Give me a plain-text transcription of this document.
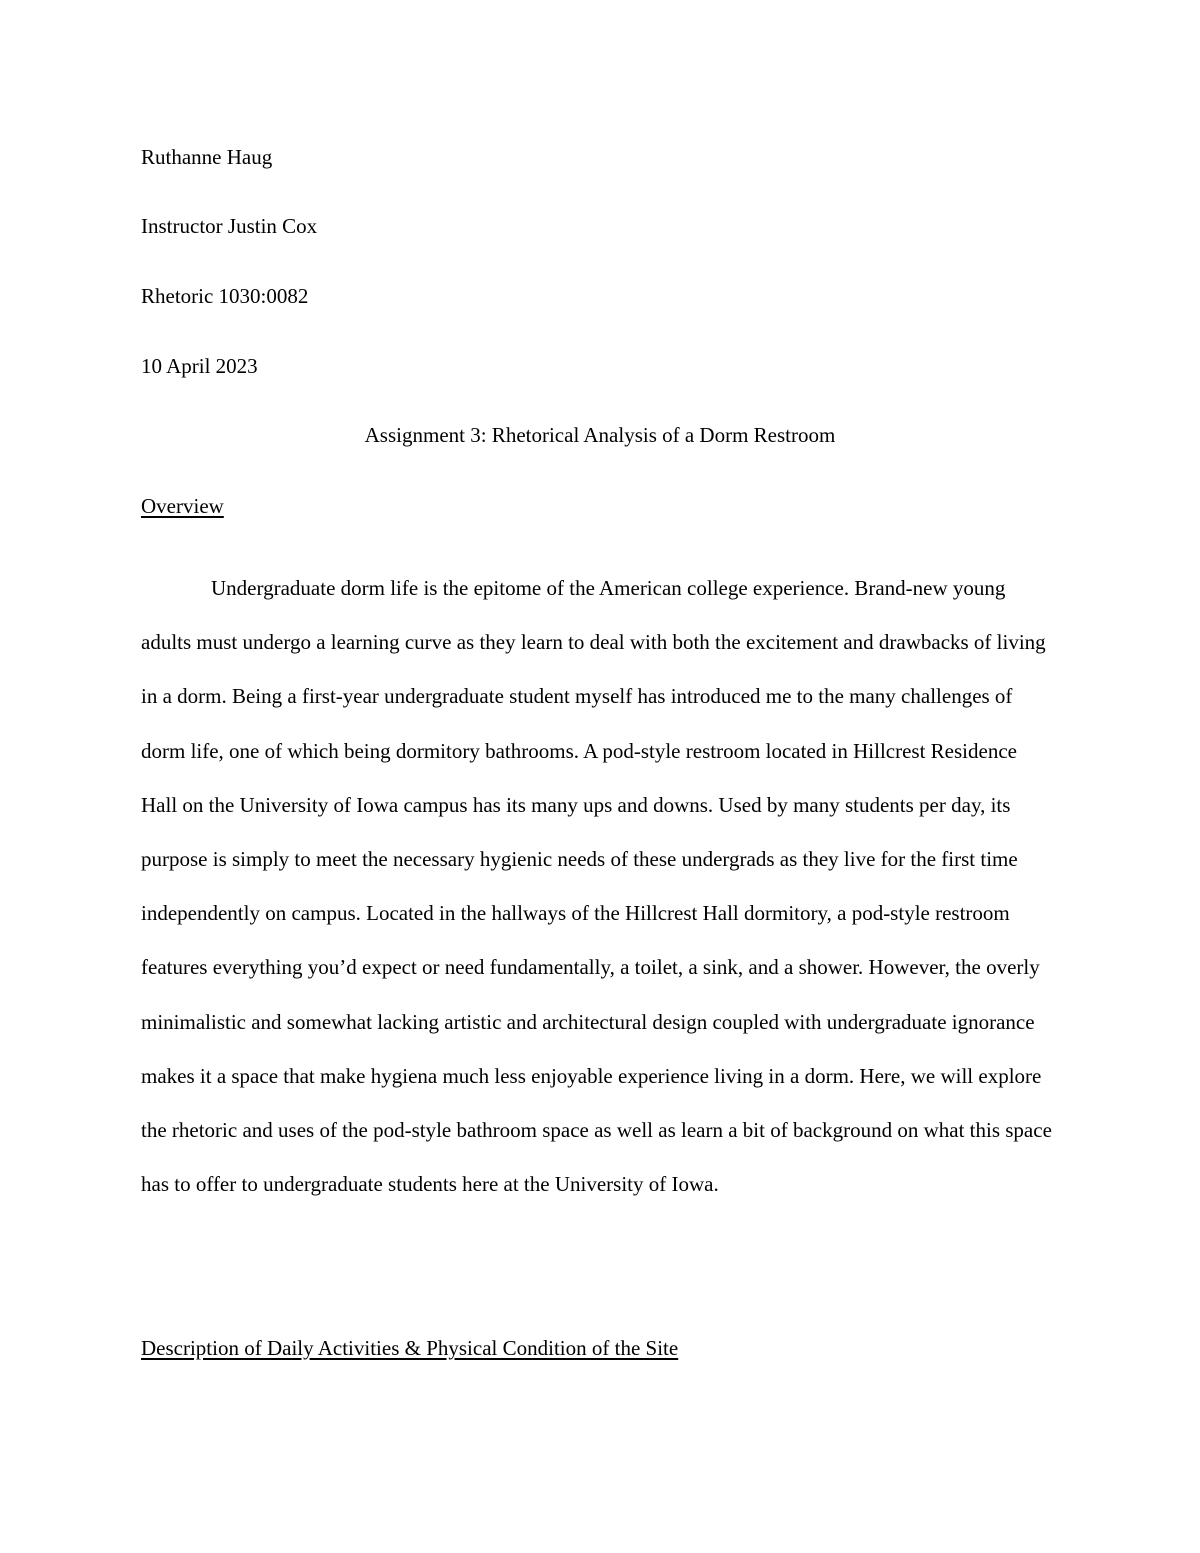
Ruthanne Haug
Instructor Justin Cox
Rhetoric 1030:0082
10 April 2023
Assignment 3: Rhetorical Analysis of a Dorm Restroom
Overview

Undergraduate dorm life is the epitome of the American college experience. Brand-new young adults must undergo a learning curve as they learn to deal with both the excitement and drawbacks of living in a dorm. Being a first-year undergraduate student myself has introduced me to the many challenges of dorm life, one of which being dormitory bathrooms. A pod-style restroom located in Hillcrest Residence Hall on the University of Iowa campus has its many ups and downs. Used by many students per day, its purpose is simply to meet the necessary hygienic needs of these undergrads as they live for the first time independently on campus. Located in the hallways of the Hillcrest Hall dormitory, a pod-style restroom features everything you’d expect or need fundamentally, a toilet, a sink, and a shower. However, the overly minimalistic and somewhat lacking artistic and architectural design coupled with undergraduate ignorance makes it a space that make hygiena much less enjoyable experience living in a dorm. Here, we will explore the rhetoric and uses of the pod-style bathroom space as well as learn a bit of background on what this space has to offer to undergraduate students here at the University of Iowa.

Description of Daily Activities & Physical Condition of the Site
